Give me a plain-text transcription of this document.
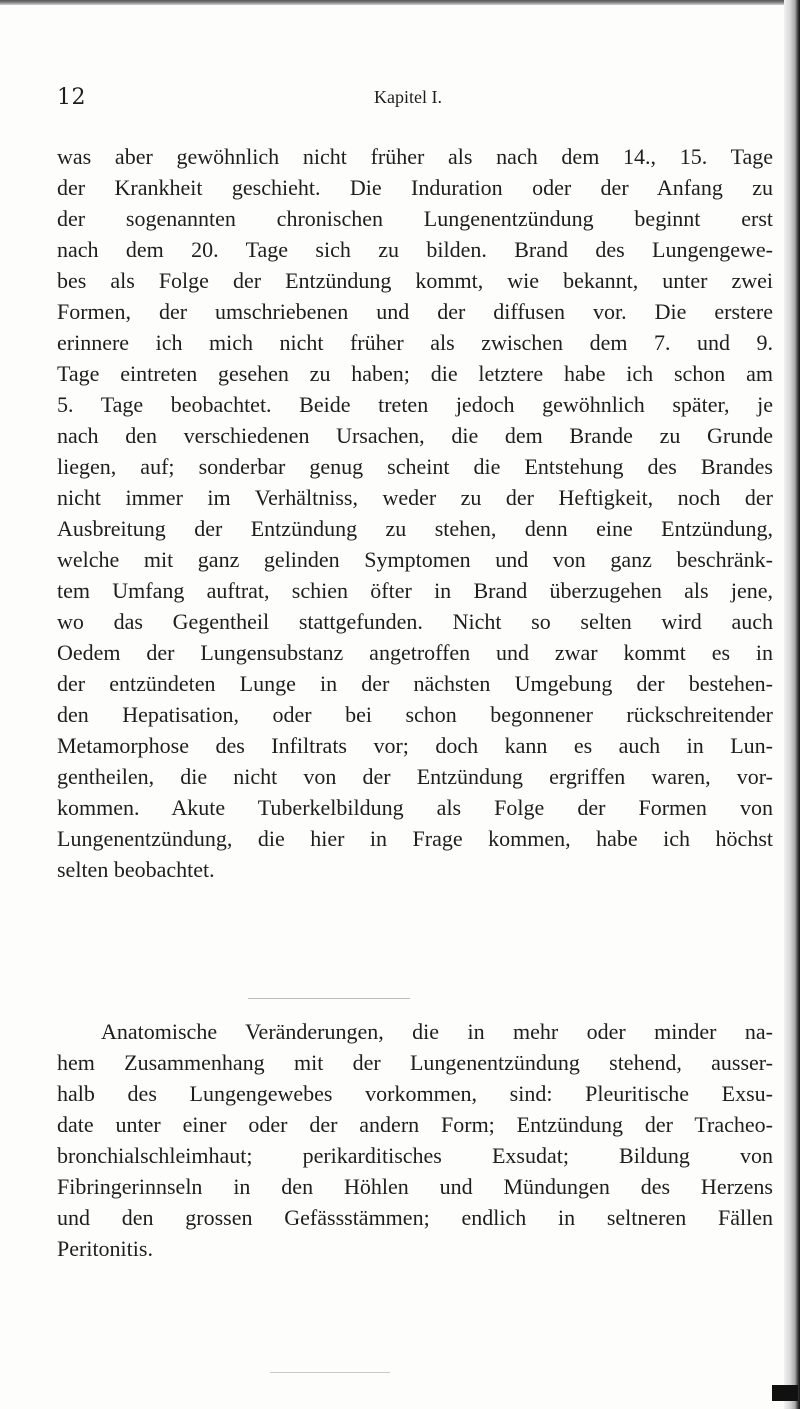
12	Kapitel I.
was aber gewöhnlich nicht früher als nach dem 14., 15. Tage
der Krankheit geschieht. Die Induration oder der Anfang zu
der sogenannten chronischen Lungenentzündung beginnt erst
nach dem 20. Tage sich zu bilden. Brand des Lungengewe-
bes als Folge der Entzündung kommt, wie bekannt, unter zwei
Formen, der umschriebenen und der diffusen vor. Die erstere
erinnere ich mich nicht früher als zwischen dem 7. und 9.
Tage eintreten gesehen zu haben; die letztere habe ich schon am
5. Tage beobachtet. Beide treten jedoch gewöhnlich später, je
nach den verschiedenen Ursachen, die dem Brande zu Grunde
liegen, auf; sonderbar genug scheint die Entstehung des Brandes
nicht immer im Verhältniss, weder zu der Heftigkeit, noch der
Ausbreitung der Entzündung zu stehen, denn eine Entzündung,
welche mit ganz gelinden Symptomen und von ganz beschränk-
tem Umfang auftrat, schien öfter in Brand überzugehen als jene,
wo das Gegentheil stattgefunden. Nicht so selten wird auch
Oedem der Lungensubstanz angetroffen und zwar kommt es in
der entzündeten Lunge in der nächsten Umgebung der bestehen-
den Hepatisation, oder bei schon begonnener rückschreitender
Metamorphose des Infiltrats vor; doch kann es auch in Lun-
gentheilen, die nicht von der Entzündung ergriffen waren, vor-
kommen. Akute Tuberkelbildung als Folge der Formen von
Lungenentzündung, die hier in Frage kommen, habe ich höchst
selten beobachtet.
Anatomische Veränderungen, die in mehr oder minder na-
hem Zusammenhang mit der Lungenentzündung stehend, ausser-
halb des Lungengewebes vorkommen, sind: Pleuritische Exsu-
date unter einer oder der andern Form; Entzündung der Tracheo-
bronchialschleimhaut; perikarditisches Exsudat; Bildung von
Fibringerinnseln in den Höhlen und Mündungen des Herzens
und den grossen Gefässstämmen; endlich in seltneren Fällen
Peritonitis.
